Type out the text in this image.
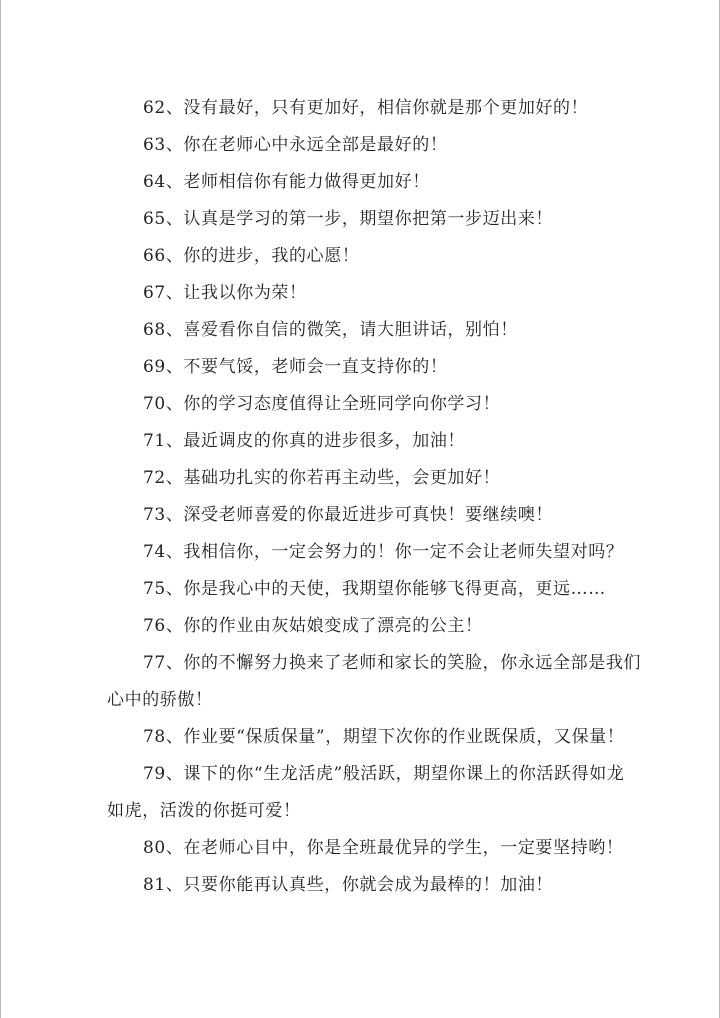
62、没有最好，只有更加好，相信你就是那个更加好的！
63、你在老师心中永远全部是最好的！
64、老师相信你有能力做得更加好！
65、认真是学习的第一步，期望你把第一步迈出来！
66、你的进步，我的心愿！
67、让我以你为荣！
68、喜爱看你自信的微笑，请大胆讲话，别怕！
69、不要气馁，老师会一直支持你的！
70、你的学习态度值得让全班同学向你学习！
71、最近调皮的你真的进步很多，加油！
72、基础功扎实的你若再主动些，会更加好！
73、深受老师喜爱的你最近进步可真快！要继续噢！
74、我相信你，一定会努力的！你一定不会让老师失望对吗？
75、你是我心中的天使，我期望你能够飞得更高，更远……
76、你的作业由灰姑娘变成了漂亮的公主！
77、你的不懈努力换来了老师和家长的笑脸，你永远全部是我们
心中的骄傲！
78、作业要“保质保量”，期望下次你的作业既保质，又保量！
79、课下的你“生龙活虎”般活跃，期望你课上的你活跃得如龙
如虎，活泼的你挺可爱！
80、在老师心目中，你是全班最优异的学生，一定要坚持哟！
81、只要你能再认真些，你就会成为最棒的！加油！
